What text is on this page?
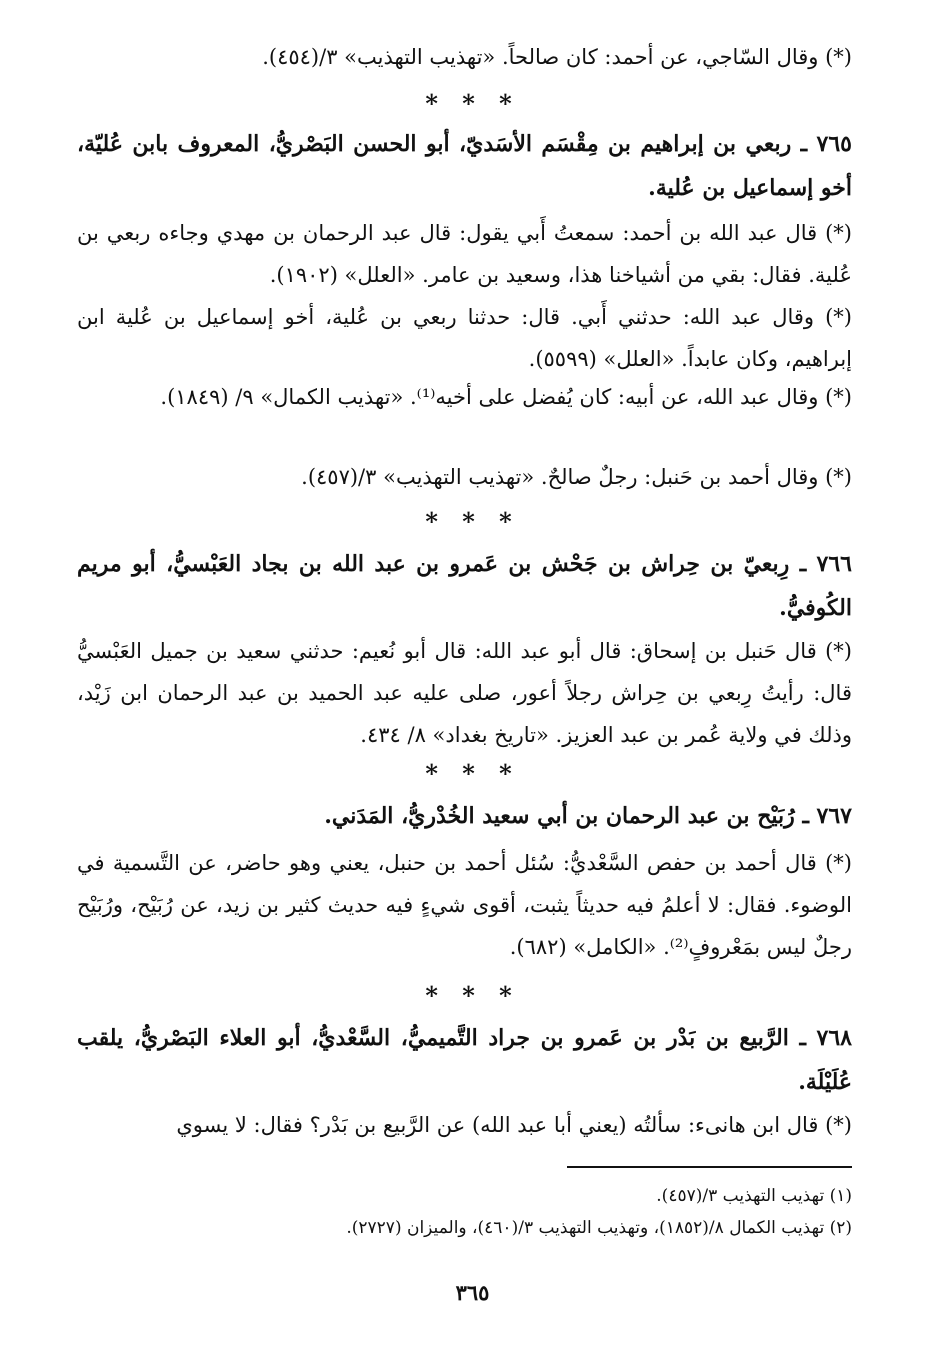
(*) وقال السّاجي، عن أحمد: كان صالحاً. «تهذيب التهذيب» ٣/(٤٥٤).

* * *

٧٦٥ ـ ربعي بن إبراهيم بن مِقْسَم الأسَديّ، أبو الحسن البَصْريُّ، المعروف بابن عُليّة، أخو إسماعيل بن عُلية.

(*) قال عبد الله بن أحمد: سمعتُ أَبي يقول: قال عبد الرحمان بن مهدي وجاءه ربعي بن عُلية. فقال: بقي من أشياخنا هذا، وسعيد بن عامر. «العلل» (١٩٠٢).

(*) وقال عبد الله: حدثني أَبي. قال: حدثنا ربعي بن عُلية، أخو إسماعيل بن عُلية ابن إبراهيم، وكان عابداً. «العلل» (٥٥٩٩).

(*) وقال عبد الله، عن أبيه: كان يُفضل على أخيه⁽¹⁾. «تهذيب الكمال» ٩/ (١٨٤٩).

(*) وقال أحمد بن حَنبل: رجلٌ صالحٌ. «تهذيب التهذيب» ٣/(٤٥٧).

* * *

٧٦٦ ـ رِبعيّ بن حِراش بن جَحْش بن عَمرو بن عبد الله بن بجاد العَبْسيُّ، أبو مريم الكُوفيُّ.

(*) قال حَنبل بن إسحاق: قال أبو عبد الله: قال أبو نُعيم: حدثني سعيد بن جميل العَبْسيُّ قال: رأيتُ رِبعي بن حِراش رجلاً أعور، صلى عليه عبد الحميد بن عبد الرحمان ابن زَيْد، وذلك في ولاية عُمر بن عبد العزيز. «تاريخ بغداد» ٨/ ٤٣٤.

* * *

٧٦٧ ـ رُبَيْح بن عبد الرحمان بن أبي سعيد الخُدْريُّ، المَدَني.

(*) قال أحمد بن حفص السَّعْديُّ: سُئل أحمد بن حنبل، يعني وهو حاضر، عن التَّسمية في الوضوء. فقال: لا أعلمُ فيه حديثاً يثبت، أقوى شيءٍ فيه حديث كثير بن زيد، عن رُبَيْح، ورُبَيْح رجلٌ ليس بمَعْروفٍ⁽²⁾. «الكامل» (٦٨٢).

* * *

٧٦٨ ـ الرَّبيع بن بَدْر بن عَمرو بن جراد التَّميميُّ، السَّعْديُّ، أبو العلاء البَصْريُّ، يلقب عُلَيْلَة.

(*) قال ابن هانىء: سألتُه (يعني أبا عبد الله) عن الرَّبيع بن بَدْر؟ فقال: لا يسوي

(١) تهذيب التهذيب ٣/(٤٥٧).

(٢) تهذيب الكمال ٨/(١٨٥٢)، وتهذيب التهذيب ٣/(٤٦٠)، والميزان (٢٧٢٧).

٣٦٥
